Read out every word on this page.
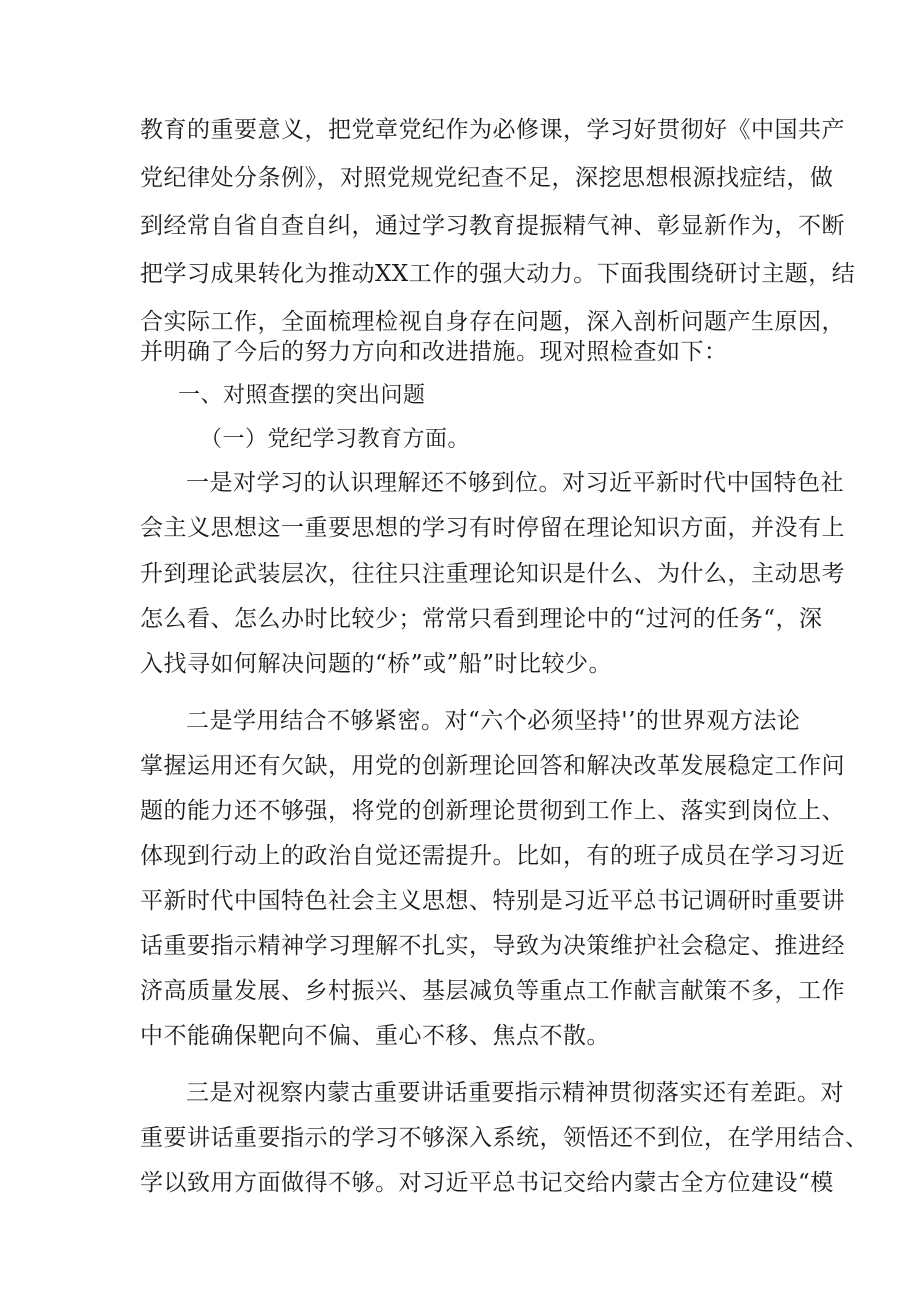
教育的重要意义，把党章党纪作为必修课，学习好贯彻好《中国共产
党纪律处分条例》，对照党规党纪查不足，深挖思想根源找症结，做
到经常自省自查自纠，通过学习教育提振精气神、彰显新作为，不断
把学习成果转化为推动XX工作的强大动力。下面我围绕研讨主题，结
合实际工作，全面梳理检视自身存在问题，深入剖析问题产生原因，
并明确了今后的努力方向和改进措施。现对照检查如下：
一、对照查摆的突出问题
（一）党纪学习教育方面。
一是对学习的认识理解还不够到位。对习近平新时代中国特色社
会主义思想这一重要思想的学习有时停留在理论知识方面，并没有上
升到理论武装层次，往往只注重理论知识是什么、为什么，主动思考
怎么看、怎么办时比较少；常常只看到理论中的“过河的任务“，深
入找寻如何解决问题的“桥”或”船”时比较少。
二是学用结合不够紧密。对“六个必须坚持'’的世界观方法论
掌握运用还有欠缺，用党的创新理论回答和解决改革发展稳定工作问
题的能力还不够强，将党的创新理论贯彻到工作上、落实到岗位上、
体现到行动上的政治自觉还需提升。比如，有的班子成员在学习习近
平新时代中国特色社会主义思想、特别是习近平总书记调研时重要讲
话重要指示精神学习理解不扎实，导致为决策维护社会稳定、推进经
济高质量发展、乡村振兴、基层减负等重点工作献言献策不多，工作
中不能确保靶向不偏、重心不移、焦点不散。
三是对视察内蒙古重要讲话重要指示精神贯彻落实还有差距。对
重要讲话重要指示的学习不够深入系统，领悟还不到位，在学用结合、
学以致用方面做得不够。对习近平总书记交给内蒙古全方位建设“模
